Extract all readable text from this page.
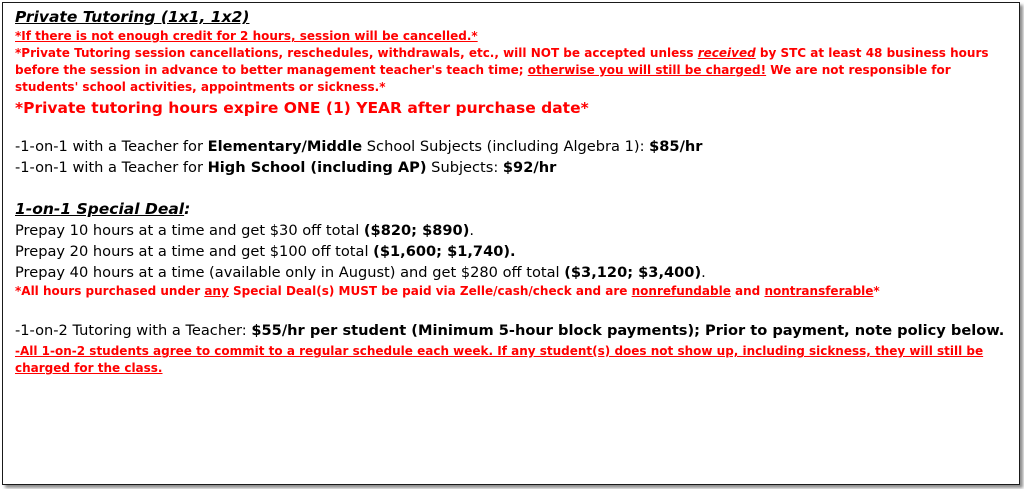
Private Tutoring (1x1, 1x2)
*If there is not enough credit for 2 hours, session will be cancelled.*
*Private Tutoring session cancellations, reschedules, withdrawals, etc., will NOT be accepted unless received by STC at least 48 business hours before the session in advance to better management teacher's teach time; otherwise you will still be charged! We are not responsible for students' school activities, appointments or sickness.*
*Private tutoring hours expire ONE (1) YEAR after purchase date*
-1-on-1 with a Teacher for Elementary/Middle School Subjects (including Algebra 1): $85/hr
-1-on-1 with a Teacher for High School (including AP) Subjects: $92/hr
1-on-1 Special Deal:
Prepay 10 hours at a time and get $30 off total ($820; $890).
Prepay 20 hours at a time and get $100 off total ($1,600; $1,740).
Prepay 40 hours at a time (available only in August) and get $280 off total ($3,120; $3,400).
*All hours purchased under any Special Deal(s) MUST be paid via Zelle/cash/check and are nonrefundable and nontransferable*
-1-on-2 Tutoring with a Teacher: $55/hr per student (Minimum 5-hour block payments); Prior to payment, note policy below.
-All 1-on-2 students agree to commit to a regular schedule each week. If any student(s) does not show up, including sickness, they will still be charged for the class.
